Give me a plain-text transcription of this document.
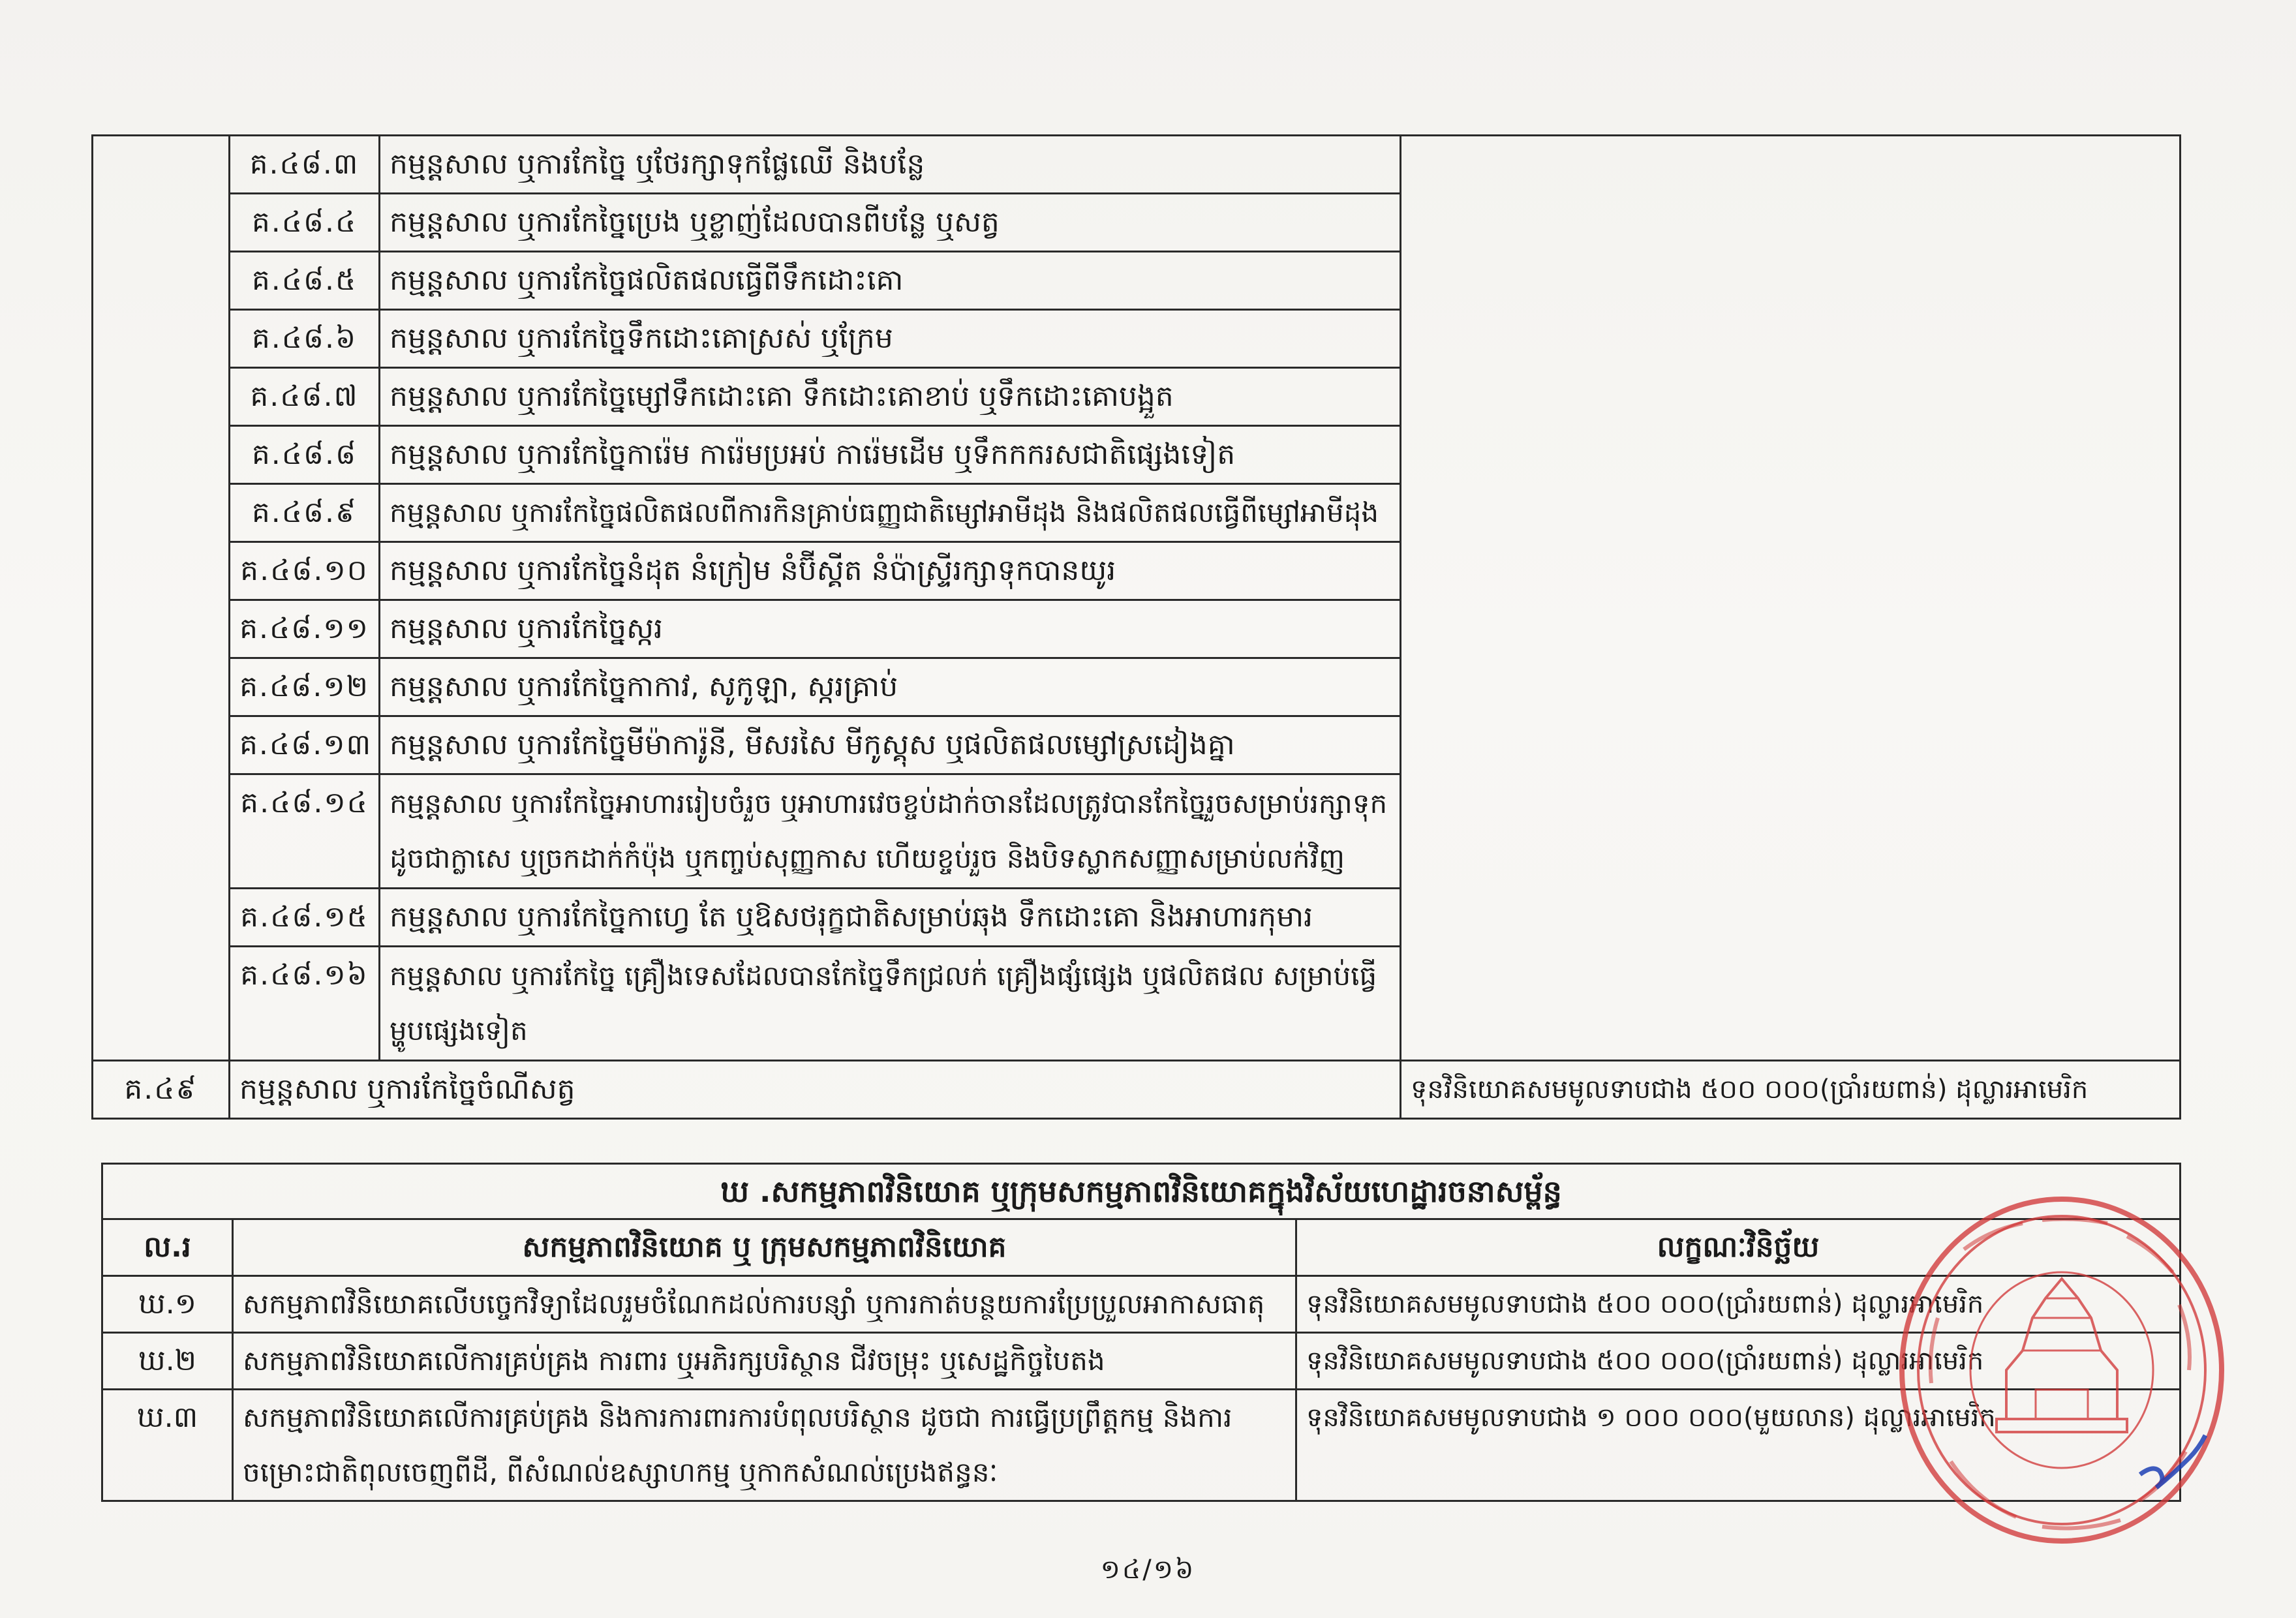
	គ.៤៨.៣	កម្មន្តសាល ឬការកែច្នៃ ឬថែរក្សាទុកផ្លែឈើ និងបន្លែ	
	គ.៤៨.៤	កម្មន្តសាល ឬការកែច្នៃប្រេង ឬខ្លាញ់ដែលបានពីបន្លែ ឬសត្វ	
	គ.៤៨.៥	កម្មន្តសាល ឬការកែច្នៃផលិតផលធ្វើពីទឹកដោះគោ	
	គ.៤៨.៦	កម្មន្តសាល ឬការកែច្នៃទឹកដោះគោស្រស់ ឬក្រែម	
	គ.៤៨.៧	កម្មន្តសាល ឬការកែច្នៃម្សៅទឹកដោះគោ ទឹកដោះគោខាប់ ឬទឹកដោះគោបង្អួត	
	គ.៤៨.៨	កម្មន្តសាល ឬការកែច្នៃការ៉េម ការ៉េមប្រអប់ ការ៉េមដើម ឬទឹកកករសជាតិផ្សេងទៀត	
	គ.៤៨.៩	កម្មន្តសាល ឬការកែច្នៃផលិតផលពីការកិនគ្រាប់ធញ្ញជាតិម្សៅអាមីដុង និងផលិតផលធ្វើពីម្សៅអាមីដុង	
	គ.៤៨.១០	កម្មន្តសាល ឬការកែច្នៃនំដុត នំក្រៀម នំប៊ីស្គីត នំប៉ាស្ទ្រីរក្សាទុកបានយូរ	
	គ.៤៨.១១	កម្មន្តសាល ឬការកែច្នៃស្ករ	
	គ.៤៨.១២	កម្មន្តសាល ឬការកែច្នៃកាកាវ, សូកូឡា, ស្ករគ្រាប់	
	គ.៤៨.១៣	កម្មន្តសាល ឬការកែច្នៃមីម៉ាការ៉ូនី, មីសរសៃ មីកូស្គុស ឬផលិតផលម្សៅស្រដៀងគ្នា	
	គ.៤៨.១៤	កម្មន្តសាល ឬការកែច្នៃអាហាររៀបចំរួច ឬអាហារវេចខ្ចប់ដាក់ចានដែលត្រូវបានកែច្នៃរួចសម្រាប់រក្សាទុកដូចជាក្លាសេ ឬច្រកដាក់កំប៉ុង ឬកញ្ចប់សុញ្ញកាស ហើយខ្ចប់រួច និងបិទស្លាកសញ្ញាសម្រាប់លក់វិញ	
	គ.៤៨.១៥	កម្មន្តសាល ឬការកែច្នៃកាហ្វេ តែ ឬឱសថរុក្ខជាតិសម្រាប់ឆុង ទឹកដោះគោ និងអាហារកុមារ	
	គ.៤៨.១៦	កម្មន្តសាល ឬការកែច្នៃ គ្រឿងទេសដែលបានកែច្នៃទឹកជ្រលក់ គ្រឿងផ្សំផ្សេង ឬផលិតផល សម្រាប់ធ្វើម្ហូបផ្សេងទៀត	
គ.៤៩	កម្មន្តសាល ឬការកែច្នៃចំណីសត្វ		ទុនវិនិយោគសមមូលទាបជាង ៥០០ ០០០(ប្រាំរយពាន់) ដុល្លារអាមេរិក
ឃ .សកម្មភាពវិនិយោគ ឬក្រុមសកម្មភាពវិនិយោគក្នុងវិស័យហេដ្ឋារចនាសម្ព័ន្ធ		
ល.រ	សកម្មភាពវិនិយោគ ឬ ក្រុមសកម្មភាពវិនិយោគ	លក្ខណៈវិនិច្ឆ័យ
ឃ.១	សកម្មភាពវិនិយោគលើបច្ចេកវិទ្យាដែលរួមចំណែកដល់ការបន្សាំ ឬការកាត់បន្ថយការប្រែប្រួលអាកាសធាតុ	ទុនវិនិយោគសមមូលទាបជាង ៥០០ ០០០(ប្រាំរយពាន់) ដុល្លារអាមេរិក
ឃ.២	សកម្មភាពវិនិយោគលើការគ្រប់គ្រង ការពារ ឬអភិរក្សបរិស្ថាន ជីវចម្រុះ ឬសេដ្ឋកិច្ចបៃតង	ទុនវិនិយោគសមមូលទាបជាង ៥០០ ០០០(ប្រាំរយពាន់) ដុល្លារអាមេរិក
ឃ.៣	សកម្មភាពវិនិយោគលើការគ្រប់គ្រង និងការការពារការបំពុលបរិស្ថាន ដូចជា ការធ្វើប្រព្រឹត្តកម្ម និងការចម្រោះជាតិពុលចេញពីដី, ពីសំណល់ឧស្សាហកម្ម ឬកាកសំណល់ប្រេងឥន្ធនៈ	ទុនវិនិយោគសមមូលទាបជាង ១ ០០០ ០០០(មួយលាន) ដុល្លារអាមេរិក
១៤/១៦
